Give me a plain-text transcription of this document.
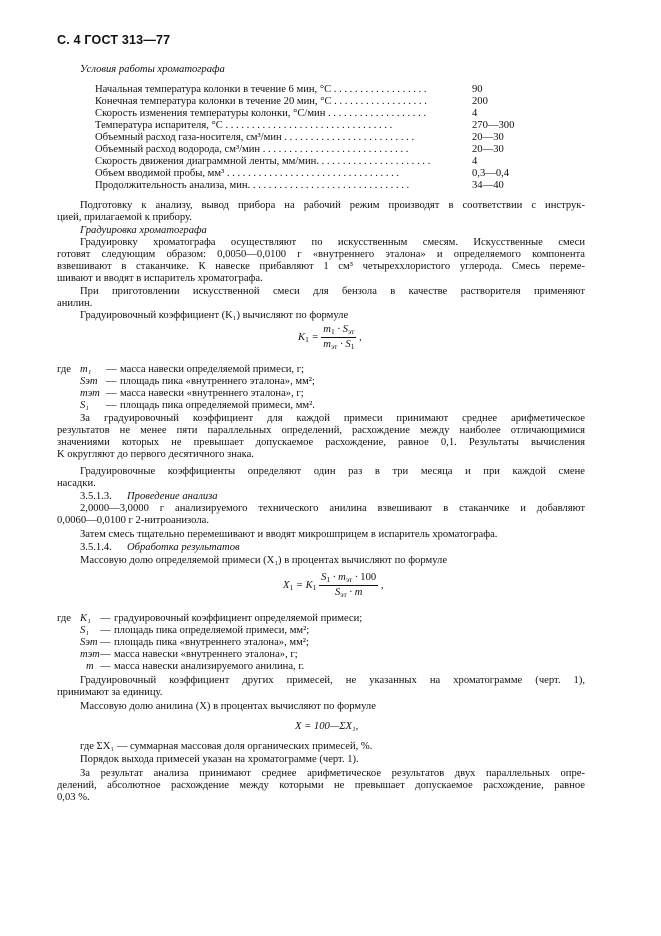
С. 4 ГОСТ 313—77
Условия работы хроматографа
Начальная температура колонки в течение 6 мин, °С . . . . . . . . . . . . . . . . . .	90
Конечная температура колонки в течение 20 мин, °С . . . . . . . . . . . . . . . . . .	200
Скорость изменения температуры колонки, °С/мин . . . . . . . . . . . . . . . . . . .	4
Температура испарителя, °С . . . . . . . . . . . . . . . . . . . . . . . . . . . . . . . .	270—300
Объемный расход газа-носителя, см³/мин . . . . . . . . . . . . . . . . . . . . . . . . .	20—30
Объемный расход водорода, см³/мин . . . . . . . . . . . . . . . . . . . . . . . . . . . .	20—30
Скорость движения диаграммной ленты, мм/мин. . . . . . . . . . . . . . . . . . . . . .	4
Объем вводимой пробы, мм³ . . . . . . . . . . . . . . . . . . . . . . . . . . . . . . . . .	0,3—0,4
Продолжительность анализа, мин. . . . . . . . . . . . . . . . . . . . . . . . . . . . . . .	34—40
Подготовку к анализу, вывод прибора на рабочий режим производят в соответствии с инструк-
цией, прилагаемой к прибору.
Градуировка хроматографа
Градуировку хроматографа осуществляют по искусственным смесям. Искусственные смеси
готовят следующим образом: 0,0050—0,0100 г «внутреннего эталона» и определяемого компонента
взвешивают в стаканчике. К навеске прибавляют 1 см³ четыреххлористого углерода. Смесь переме-
шивают и вводят в испаритель хроматографа.
При приготовлении искусственной смеси для бензола в качестве растворителя применяют
анилин.
Градуировочный коэффициент (K₁) вычисляют по формуле
$K_1 = \frac{m_1 \cdot S_{эт}}{m_{эт} \cdot S_1}$ ,
где m₁ — масса навески определяемой примеси, г;
Sэт — площадь пика «внутреннего эталона», мм²;
mэт — масса навески «внутреннего эталона», г;
S₁ — площадь пика определяемой примеси, мм².
За градуировочный коэффициент для каждой примеси принимают среднее арифметическое
результатов не менее пяти параллельных определений, расхождение между наиболее отличающимися
значениями которых не превышает допускаемое расхождение, равное 0,1. Результаты вычисления
K округляют до первого десятичного знака.
Градуировочные коэффициенты определяют один раз в три месяца и при каждой смене
насадки.
3.5.1.3. Проведение анализа
2,0000—3,0000 г анализируемого технического анилина взвешивают в стаканчике и добавляют
0,0060—0,0100 г 2-нитроанизола.
Затем смесь тщательно перемешивают и вводят микрошприцем в испаритель хроматографа.
3.5.1.4. Обработка результатов
Массовую долю определяемой примеси (X₁) в процентах вычисляют по формуле
$X_1 = K_1 \frac{S_1 \cdot m_{эт} \cdot 100}{S_{эт} \cdot m}$ ,
где K₁ — градуировочный коэффициент определяемой примеси;
S₁ — площадь пика определяемой примеси, мм²;
Sэт — площадь пика «внутреннего эталона», мм²;
mэт — масса навески «внутреннего эталона», г;
m — масса навески анализируемого анилина, г.
Градуировочный коэффициент других примесей, не указанных на хроматограмме (черт. 1),
принимают за единицу.
Массовую долю анилина (X) в процентах вычисляют по формуле
X = 100—ΣX₁,
где ΣX₁ — суммарная массовая доля органических примесей, %.
Порядок выхода примесей указан на хроматограмме (черт. 1).
За результат анализа принимают среднее арифметическое результатов двух параллельных опре-
делений, абсолютное расхождение между которыми не превышает допускаемое расхождение, равное
0,03 %.
